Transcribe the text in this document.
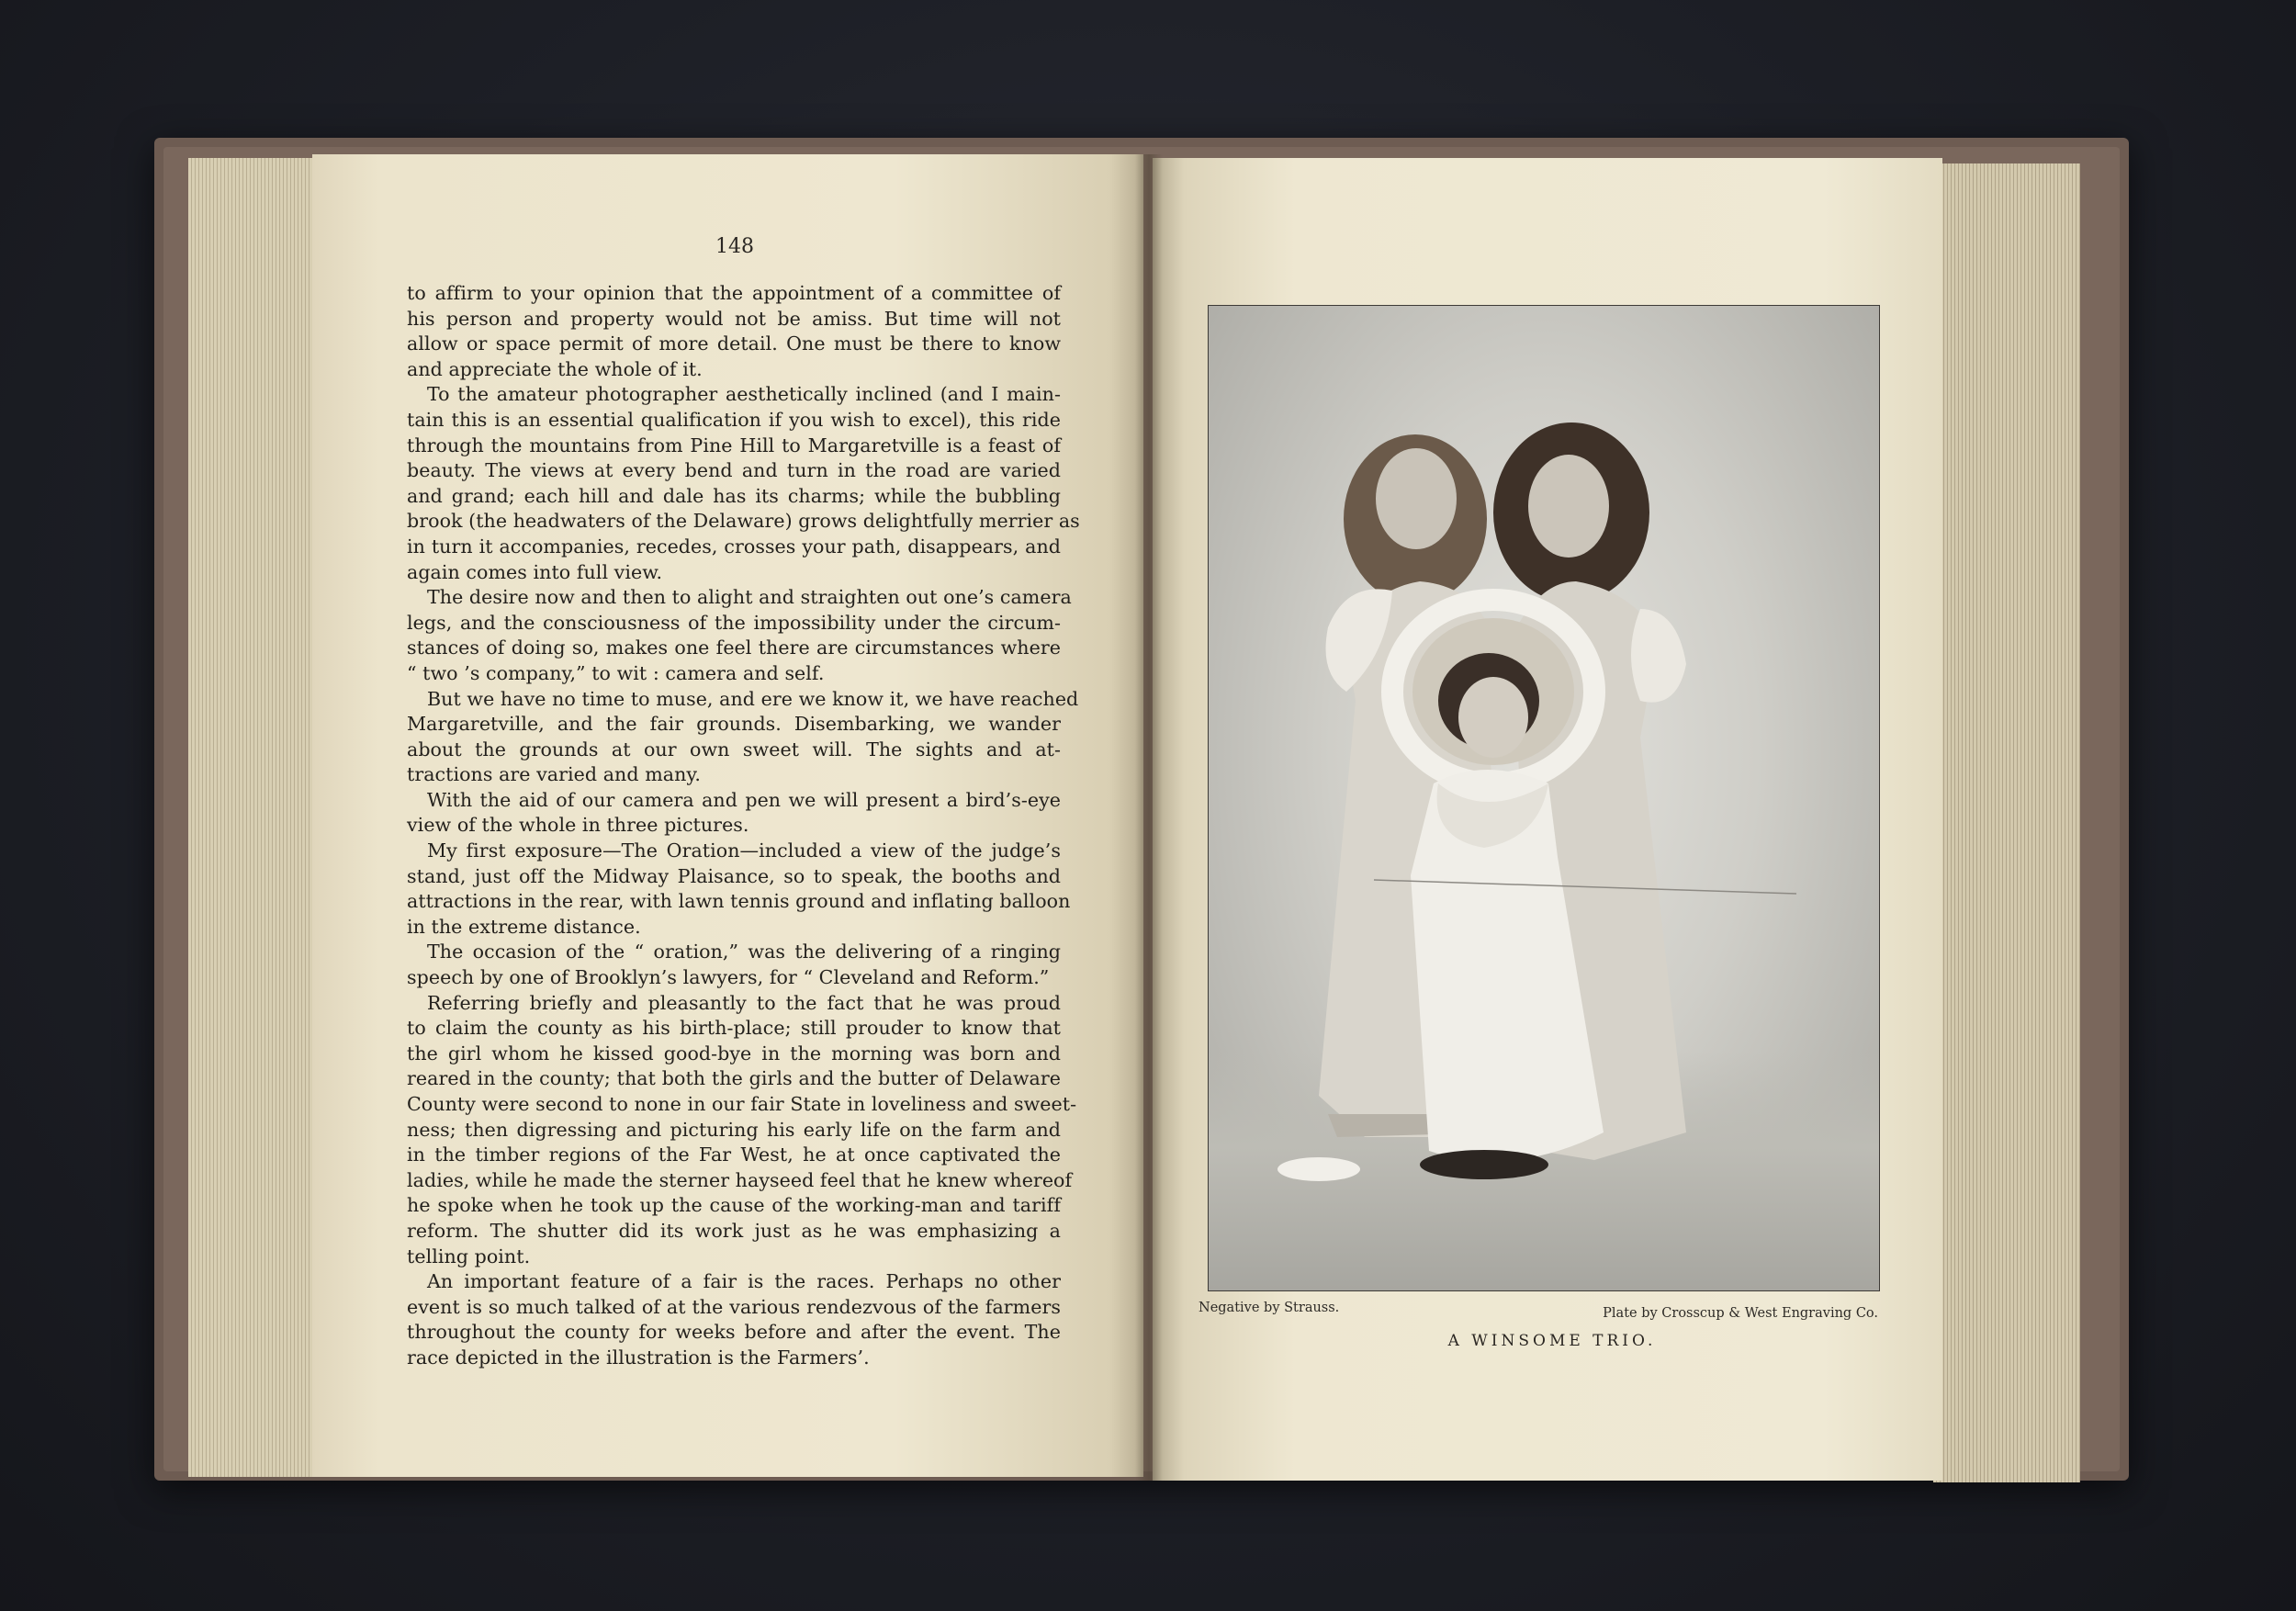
148
to affirm to your opinion that the appointment of a committee of
his person and property would not be amiss. But time will not
allow or space permit of more detail. One must be there to know
and appreciate the whole of it.
To the amateur photographer aesthetically inclined (and I main-
tain this is an essential qualification if you wish to excel), this ride
through the mountains from Pine Hill to Margaretville is a feast of
beauty. The views at every bend and turn in the road are varied
and grand; each hill and dale has its charms; while the bubbling
brook (the headwaters of the Delaware) grows delightfully merrier as
in turn it accompanies, recedes, crosses your path, disappears, and
again comes into full view.
The desire now and then to alight and straighten out one’s camera
legs, and the consciousness of the impossibility under the circum-
stances of doing so, makes one feel there are circumstances where
“ two ’s company,” to wit : camera and self.
But we have no time to muse, and ere we know it, we have reached
Margaretville, and the fair grounds. Disembarking, we wander
about the grounds at our own sweet will. The sights and at-
tractions are varied and many.
With the aid of our camera and pen we will present a bird’s-eye
view of the whole in three pictures.
My first exposure—The Oration—included a view of the judge’s
stand, just off the Midway Plaisance, so to speak, the booths and
attractions in the rear, with lawn tennis ground and inflating balloon
in the extreme distance.
The occasion of the “ oration,” was the delivering of a ringing
speech by one of Brooklyn’s lawyers, for “ Cleveland and Reform.”
Referring briefly and pleasantly to the fact that he was proud
to claim the county as his birth-place; still prouder to know that
the girl whom he kissed good-bye in the morning was born and
reared in the county; that both the girls and the butter of Delaware
County were second to none in our fair State in loveliness and sweet-
ness; then digressing and picturing his early life on the farm and
in the timber regions of the Far West, he at once captivated the
ladies, while he made the sterner hayseed feel that he knew whereof
he spoke when he took up the cause of the working-man and tariff
reform. The shutter did its work just as he was emphasizing a
telling point.
An important feature of a fair is the races. Perhaps no other
event is so much talked of at the various rendezvous of the farmers
throughout the county for weeks before and after the event. The
race depicted in the illustration is the Farmers’.
Negative by Strauss.	Plate by Crosscup & West Engraving Co.
A WINSOME TRIO.
